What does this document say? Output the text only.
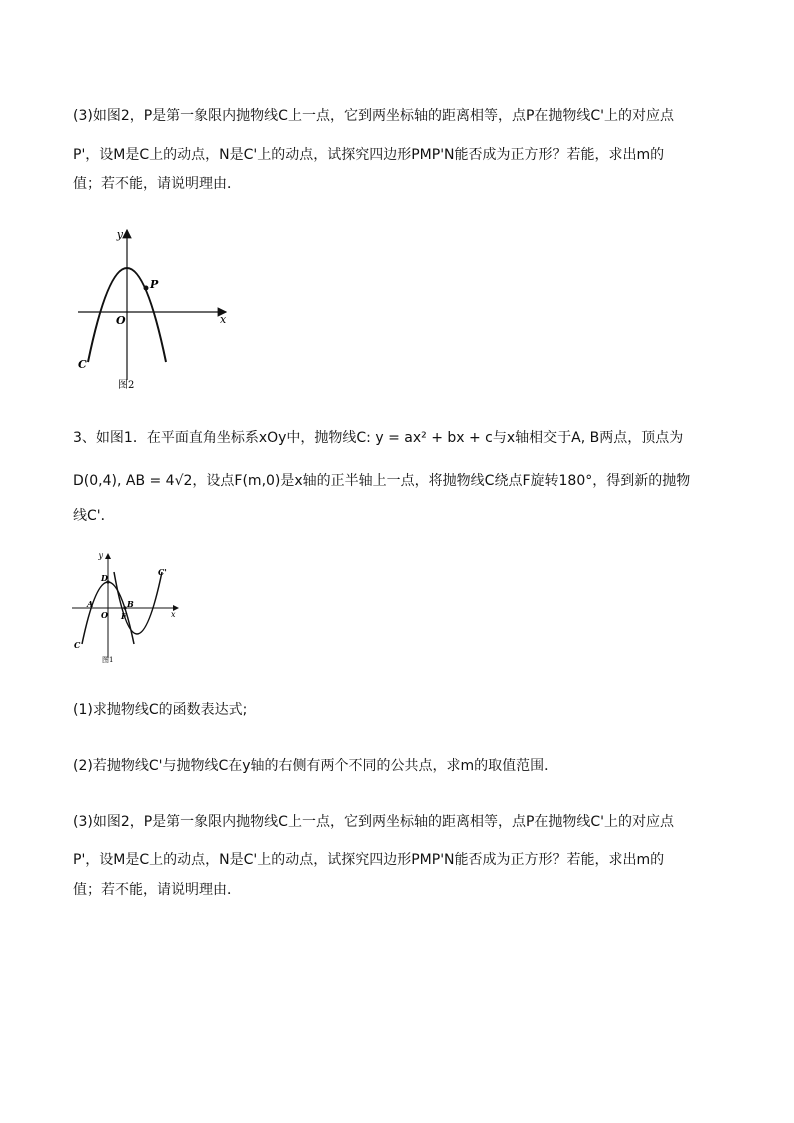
(3)如图2，P是第一象限内抛物线C上一点，它到两坐标轴的距离相等，点P在抛物线C'上的对应点
P'，设M是C上的动点，N是C'上的动点，试探究四边形PMP'N能否成为正方形？若能，求出m的
值；若不能，请说明理由．
y
x
O
P
C
图2
3、如图1．在平面直角坐标系xOy中，抛物线C: y = ax² + bx + c与x轴相交于A, B两点，顶点为
D(0,4), AB = 4√2，设点F(m,0)是x轴的正半轴上一点，将抛物线C绕点F旋转180°，得到新的抛物
线C'．
y
x
O
D
A	B
F
C
C'
图1
(1)求抛物线C的函数表达式;
(2)若抛物线C'与抛物线C在y轴的右侧有两个不同的公共点，求m的取值范围．
(3)如图2，P是第一象限内抛物线C上一点，它到两坐标轴的距离相等，点P在抛物线C'上的对应点
P'，设M是C上的动点，N是C'上的动点，试探究四边形PMP'N能否成为正方形？若能，求出m的
值；若不能，请说明理由．
